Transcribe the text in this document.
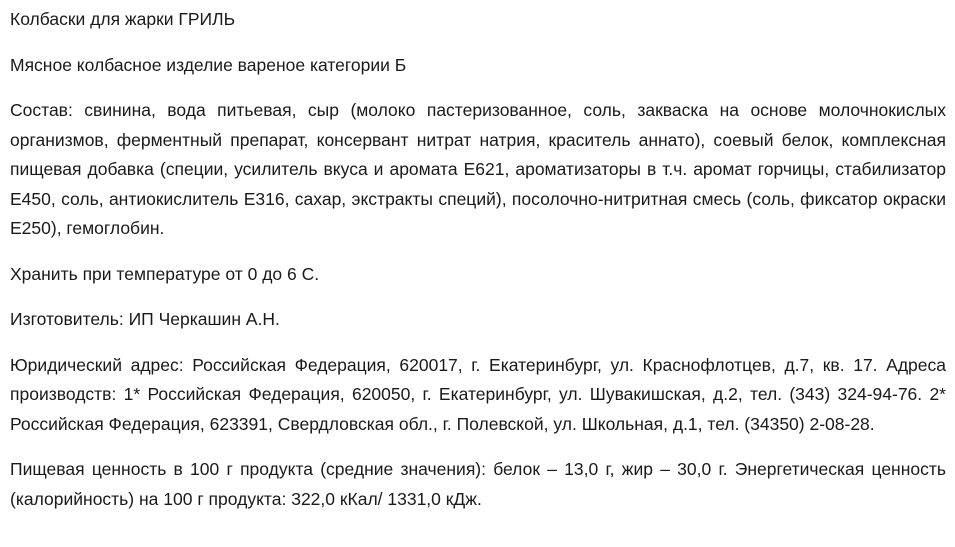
Колбаски для жарки ГРИЛЬ

Мясное колбасное изделие вареное категории Б

Состав: свинина, вода питьевая, сыр (молоко пастеризованное, соль, закваска на основе молочнокислых организмов, ферментный препарат, консервант нитрат натрия, краситель аннато), соевый белок, комплексная пищевая добавка (специи, усилитель вкуса и аромата Е621, ароматизаторы в т.ч. аромат горчицы, стабилизатор Е450, соль, антиокислитель Е316, сахар, экстракты специй), посолочно-нитритная смесь (соль, фиксатор окраски Е250), гемоглобин.

Хранить при температуре от 0 до 6 С.

Изготовитель: ИП Черкашин А.Н.

Юридический адрес: Российская Федерация, 620017, г. Екатеринбург, ул. Краснофлотцев, д.7, кв. 17. Адреса производств: 1* Российская Федерация, 620050, г. Екатеринбург, ул. Шувакишская, д.2, тел. (343) 324-94-76. 2* Российская Федерация, 623391, Свердловская обл., г. Полевской, ул. Школьная, д.1, тел. (34350) 2-08-28.

Пищевая ценность в 100 г продукта (средние значения): белок – 13,0 г, жир – 30,0 г. Энергетическая ценность (калорийность) на 100 г продукта: 322,0 кКал/ 1331,0 кДж.
